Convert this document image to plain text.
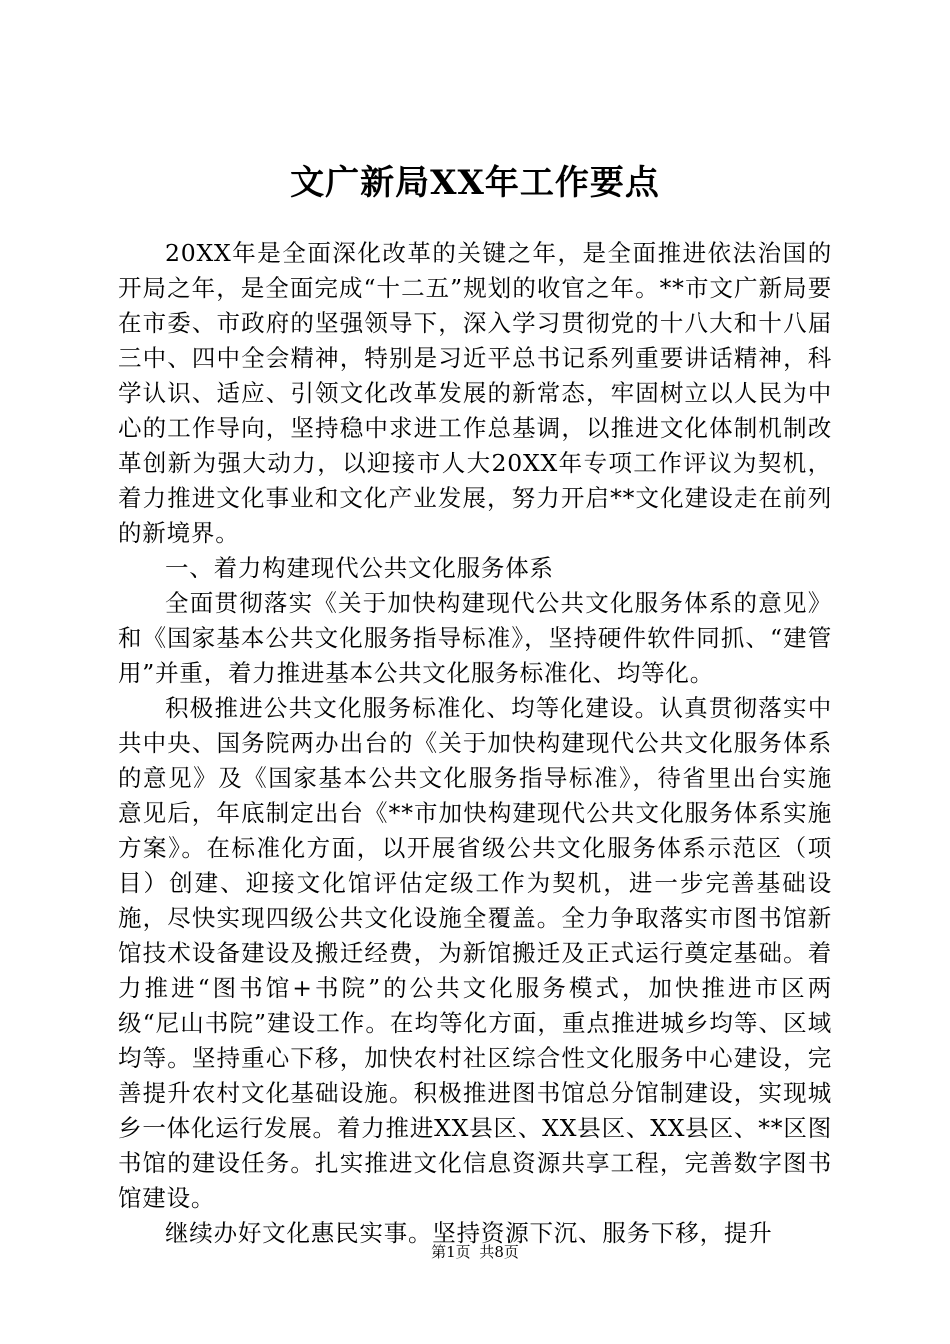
文广新局XX年工作要点

20XX年是全面深化改革的关键之年，是全面推进依法治国的开局之年，是全面完成“十二五”规划的收官之年。**市文广新局要在市委、市政府的坚强领导下，深入学习贯彻党的十八大和十八届三中、四中全会精神，特别是习近平总书记系列重要讲话精神，科学认识、适应、引领文化改革发展的新常态，牢固树立以人民为中心的工作导向，坚持稳中求进工作总基调，以推进文化体制机制改革创新为强大动力，以迎接市人大20XX年专项工作评议为契机，着力推进文化事业和文化产业发展，努力开启**文化建设走在前列的新境界。

一、着力构建现代公共文化服务体系

全面贯彻落实《关于加快构建现代公共文化服务体系的意见》和《国家基本公共文化服务指导标准》，坚持硬件软件同抓、“建管用”并重，着力推进基本公共文化服务标准化、均等化。

积极推进公共文化服务标准化、均等化建设。认真贯彻落实中共中央、国务院两办出台的《关于加快构建现代公共文化服务体系的意见》及《国家基本公共文化服务指导标准》，待省里出台实施意见后，年底制定出台《**市加快构建现代公共文化服务体系实施方案》。在标准化方面，以开展省级公共文化服务体系示范区（项目）创建、迎接文化馆评估定级工作为契机，进一步完善基础设施，尽快实现四级公共文化设施全覆盖。全力争取落实市图书馆新馆技术设备建设及搬迁经费，为新馆搬迁及正式运行奠定基础。着力推进“图书馆+书院”的公共文化服务模式，加快推进市区两级“尼山书院”建设工作。在均等化方面，重点推进城乡均等、区域均等。坚持重心下移，加快农村社区综合性文化服务中心建设，完善提升农村文化基础设施。积极推进图书馆总分馆制建设，实现城乡一体化运行发展。着力推进XX县区、XX县区、XX县区、**区图书馆的建设任务。扎实推进文化信息资源共享工程，完善数字图书馆建设。

继续办好文化惠民实事。坚持资源下沉、服务下移，提升

第1页 共8页
